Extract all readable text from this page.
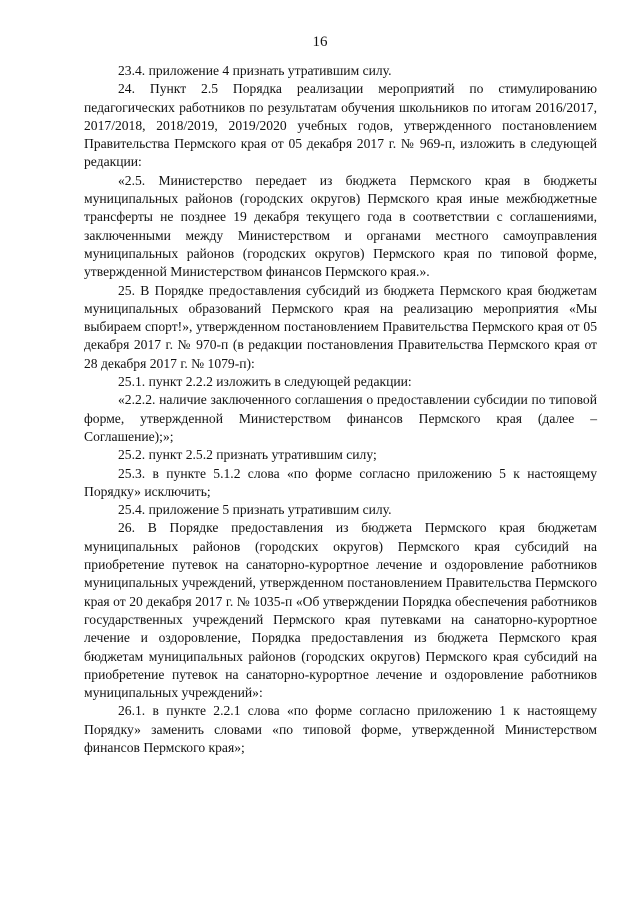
16

23.4. приложение 4 признать утратившим силу.

24. Пункт 2.5 Порядка реализации мероприятий по стимулированию педагогических работников по результатам обучения школьников по итогам 2016/2017, 2017/2018, 2018/2019, 2019/2020 учебных годов, утвержденного постановлением Правительства Пермского края от 05 декабря 2017 г. № 969-п, изложить в следующей редакции:

«2.5. Министерство передает из бюджета Пермского края в бюджеты муниципальных районов (городских округов) Пермского края иные межбюджетные трансферты не позднее 19 декабря текущего года в соответствии с соглашениями, заключенными между Министерством и органами местного самоуправления муниципальных районов (городских округов) Пермского края по типовой форме, утвержденной Министерством финансов Пермского края.».

25. В Порядке предоставления субсидий из бюджета Пермского края бюджетам муниципальных образований Пермского края на реализацию мероприятия «Мы выбираем спорт!», утвержденном постановлением Правительства Пермского края от 05 декабря 2017 г. № 970-п (в редакции постановления Правительства Пермского края от 28 декабря 2017 г. № 1079-п):

25.1. пункт 2.2.2 изложить в следующей редакции:

«2.2.2. наличие заключенного соглашения о предоставлении субсидии по типовой форме, утвержденной Министерством финансов Пермского края (далее – Соглашение);»;

25.2. пункт 2.5.2 признать утратившим силу;

25.3. в пункте 5.1.2 слова «по форме согласно приложению 5 к настоящему Порядку» исключить;

25.4. приложение 5 признать утратившим силу.

26. В Порядке предоставления из бюджета Пермского края бюджетам муниципальных районов (городских округов) Пермского края субсидий на приобретение путевок на санаторно-курортное лечение и оздоровление работников муниципальных учреждений, утвержденном постановлением Правительства Пермского края от 20 декабря 2017 г. № 1035-п «Об утверждении Порядка обеспечения работников государственных учреждений Пермского края путевками на санаторно-курортное лечение и оздоровление, Порядка предоставления из бюджета Пермского края бюджетам муниципальных районов (городских округов) Пермского края субсидий на приобретение путевок на санаторно-курортное лечение и оздоровление работников муниципальных учреждений»:

26.1. в пункте 2.2.1 слова «по форме согласно приложению 1 к настоящему Порядку» заменить словами «по типовой форме, утвержденной Министерством финансов Пермского края»;
